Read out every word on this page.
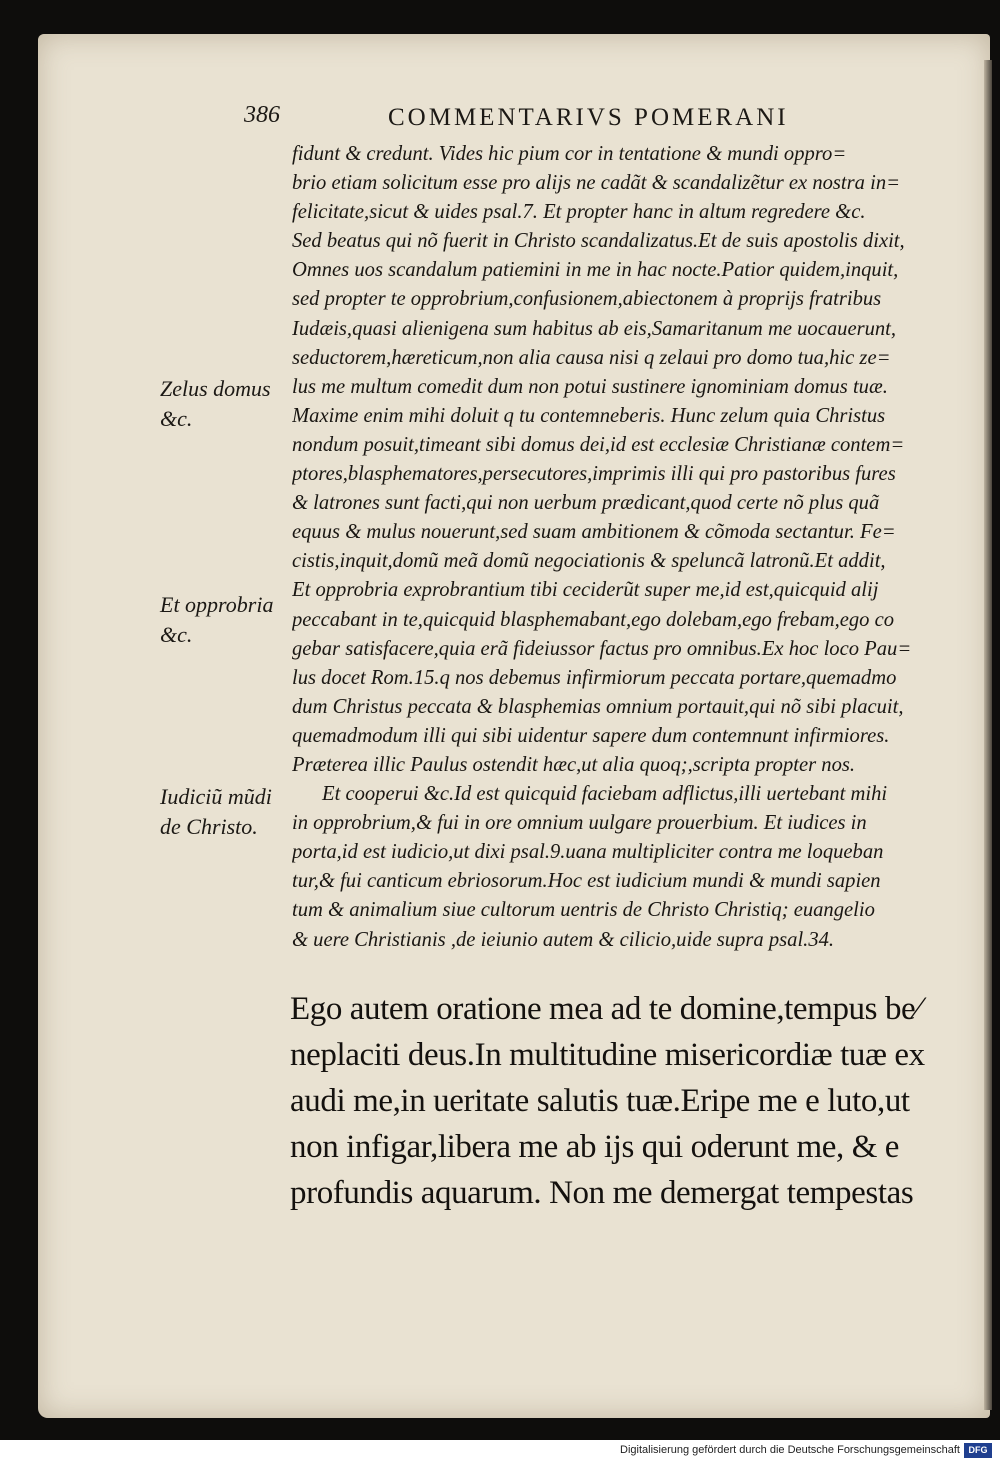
386	COMMENTARIVS POMERANI
Zelus domus
&c.
Et opprobria
&c.
Iudiciũ mũdi
de Christo.
fidunt & credunt. Vides hic pium cor in tentatione & mundi oppro=
brio etiam solicitum esse pro alijs ne cadãt & scandalizẽtur ex nostra in=
felicitate,sicut & uides psal.7. Et propter hanc in altum regredere &c.
Sed beatus qui nõ fuerit in Christo scandalizatus.Et de suis apostolis dixit,
Omnes uos scandalum patiemini in me in hac nocte.Patior quidem,inquit,
sed propter te opprobrium,confusionem,abiectonem à proprijs fratribus
Iudæis,quasi alienigena sum habitus ab eis,Samaritanum me uocauerunt,
seductorem,hæreticum,non alia causa nisi q zelaui pro domo tua,hic ze=
lus me multum comedit dum non potui sustinere ignominiam domus tuæ.
Maxime enim mihi doluit q tu contemneberis. Hunc zelum quia Christus
nondum posuit,timeant sibi domus dei,id est ecclesiæ Christianæ contem=
ptores,blasphematores,persecutores,imprimis illi qui pro pastoribus fures
& latrones sunt facti,qui non uerbum prædicant,quod certe nõ plus quã
equus & mulus nouerunt,sed suam ambitionem & cõmoda sectantur. Fe=
cistis,inquit,domũ meã domũ negociationis & speluncã latronũ.Et addit,
Et opprobria exprobrantium tibi ceciderũt super me,id est,quicquid alij
peccabant in te,quicquid blasphemabant,ego dolebam,ego frebam,ego co
gebar satisfacere,quia erã fideiussor factus pro omnibus.Ex hoc loco Pau=
lus docet Rom.15.q nos debemus infirmiorum peccata portare,quemadmo
dum Christus peccata & blasphemias omnium portauit,qui nõ sibi placuit,
quemadmodum illi qui sibi uidentur sapere dum contemnunt infirmiores.
Præterea illic Paulus ostendit hæc,ut alia quoq;,scripta propter nos.
Et cooperui &c.Id est quicquid faciebam adflictus,illi uertebant mihi
in opprobrium,& fui in ore omnium uulgare prouerbium. Et iudices in
porta,id est iudicio,ut dixi psal.9.uana multipliciter contra me loqueban
tur,& fui canticum ebriosorum.Hoc est iudicium mundi & mundi sapien
tum & animalium siue cultorum uentris de Christo Christiq; euangelio
& uere Christianis ,de ieiunio autem & cilicio,uide supra psal.34.
Ego autem oratione mea ad te domine,tempus be⁄
neplaciti deus.In multitudine misericordiæ tuæ ex
audi me,in ueritate salutis tuæ.Eripe me e luto,ut
non infigar,libera me ab ijs qui oderunt me, & e
profundis aquarum. Non me demergat tempestas
Digitalisierung gefördert durch die Deutsche Forschungsgemeinschaft DFG
